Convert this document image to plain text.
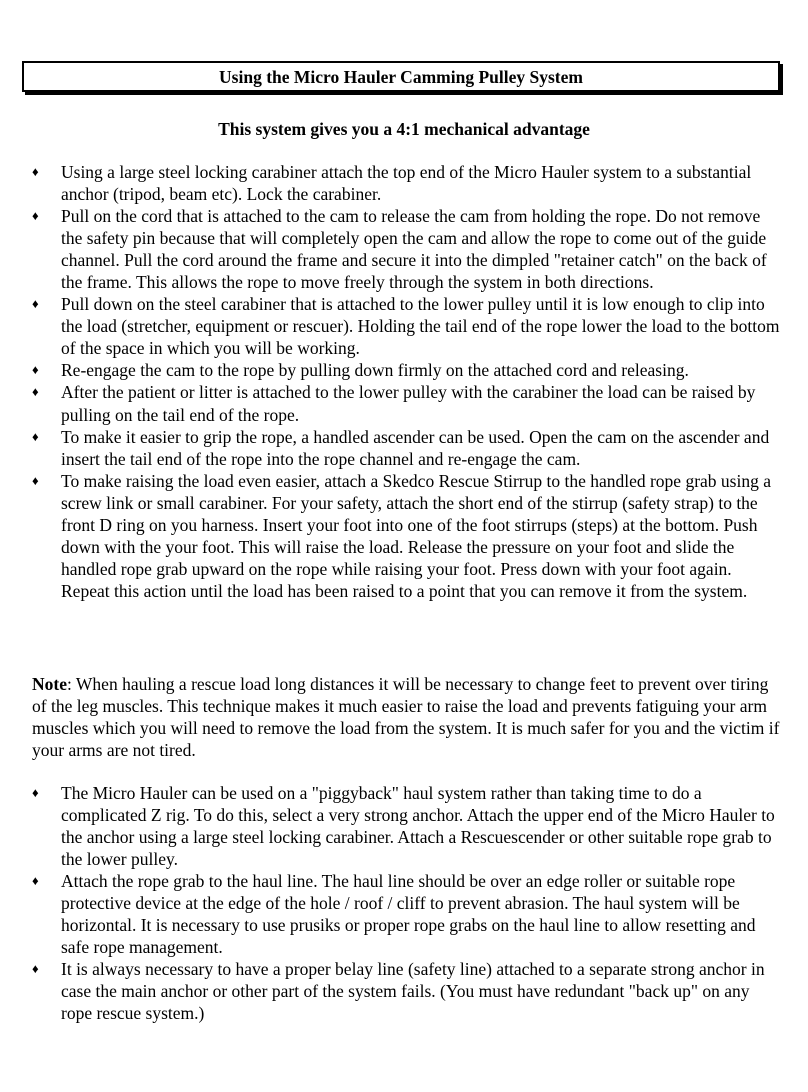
Using the Micro Hauler Camming Pulley System
This system gives you a 4:1 mechanical advantage
♦ Using a large steel locking carabiner attach the top end of the Micro Hauler system to a substantial anchor (tripod, beam etc). Lock the carabiner.
♦ Pull on the cord that is attached to the cam to release the cam from holding the rope. Do not remove the safety pin because that will completely open the cam and allow the rope to come out of the guide channel. Pull the cord around the frame and secure it into the dimpled "retainer catch" on the back of the frame. This allows the rope to move freely through the system in both directions.
♦ Pull down on the steel carabiner that is attached to the lower pulley until it is low enough to clip into the load (stretcher, equipment or rescuer). Holding the tail end of the rope lower the load to the bottom of the space in which you will be working.
♦ Re-engage the cam to the rope by pulling down firmly on the attached cord and releasing.
♦ After the patient or litter is attached to the lower pulley with the carabiner the load can be raised by pulling on the tail end of the rope.
♦ To make it easier to grip the rope, a handled ascender can be used. Open the cam on the ascender and insert the tail end of the rope into the rope channel and re-engage the cam.
♦ To make raising the load even easier, attach a Skedco Rescue Stirrup to the handled rope grab using a screw link or small carabiner. For your safety, attach the short end of the stirrup (safety strap) to the front D ring on you harness. Insert your foot into one of the foot stirrups (steps) at the bottom. Push down with the your foot. This will raise the load. Release the pressure on your foot and slide the handled rope grab upward on the rope while raising your foot. Press down with your foot again. Repeat this action until the load has been raised to a point that you can remove it from the system.

Note: When hauling a rescue load long distances it will be necessary to change feet to prevent over tiring of the leg muscles. This technique makes it much easier to raise the load and prevents fatiguing your arm muscles which you will need to remove the load from the system. It is much safer for you and the victim if your arms are not tired.

♦ The Micro Hauler can be used on a "piggyback" haul system rather than taking time to do a complicated Z rig. To do this, select a very strong anchor. Attach the upper end of the Micro Hauler to the anchor using a large steel locking carabiner. Attach a Rescuescender or other suitable rope grab to the lower pulley.
♦ Attach the rope grab to the haul line. The haul line should be over an edge roller or suitable rope protective device at the edge of the hole / roof / cliff to prevent abrasion. The haul system will be horizontal. It is necessary to use prusiks or proper rope grabs on the haul line to allow resetting and safe rope management.
♦ It is always necessary to have a proper belay line (safety line) attached to a separate strong anchor in case the main anchor or other part of the system fails. (You must have redundant "back up" on any rope rescue system.)
